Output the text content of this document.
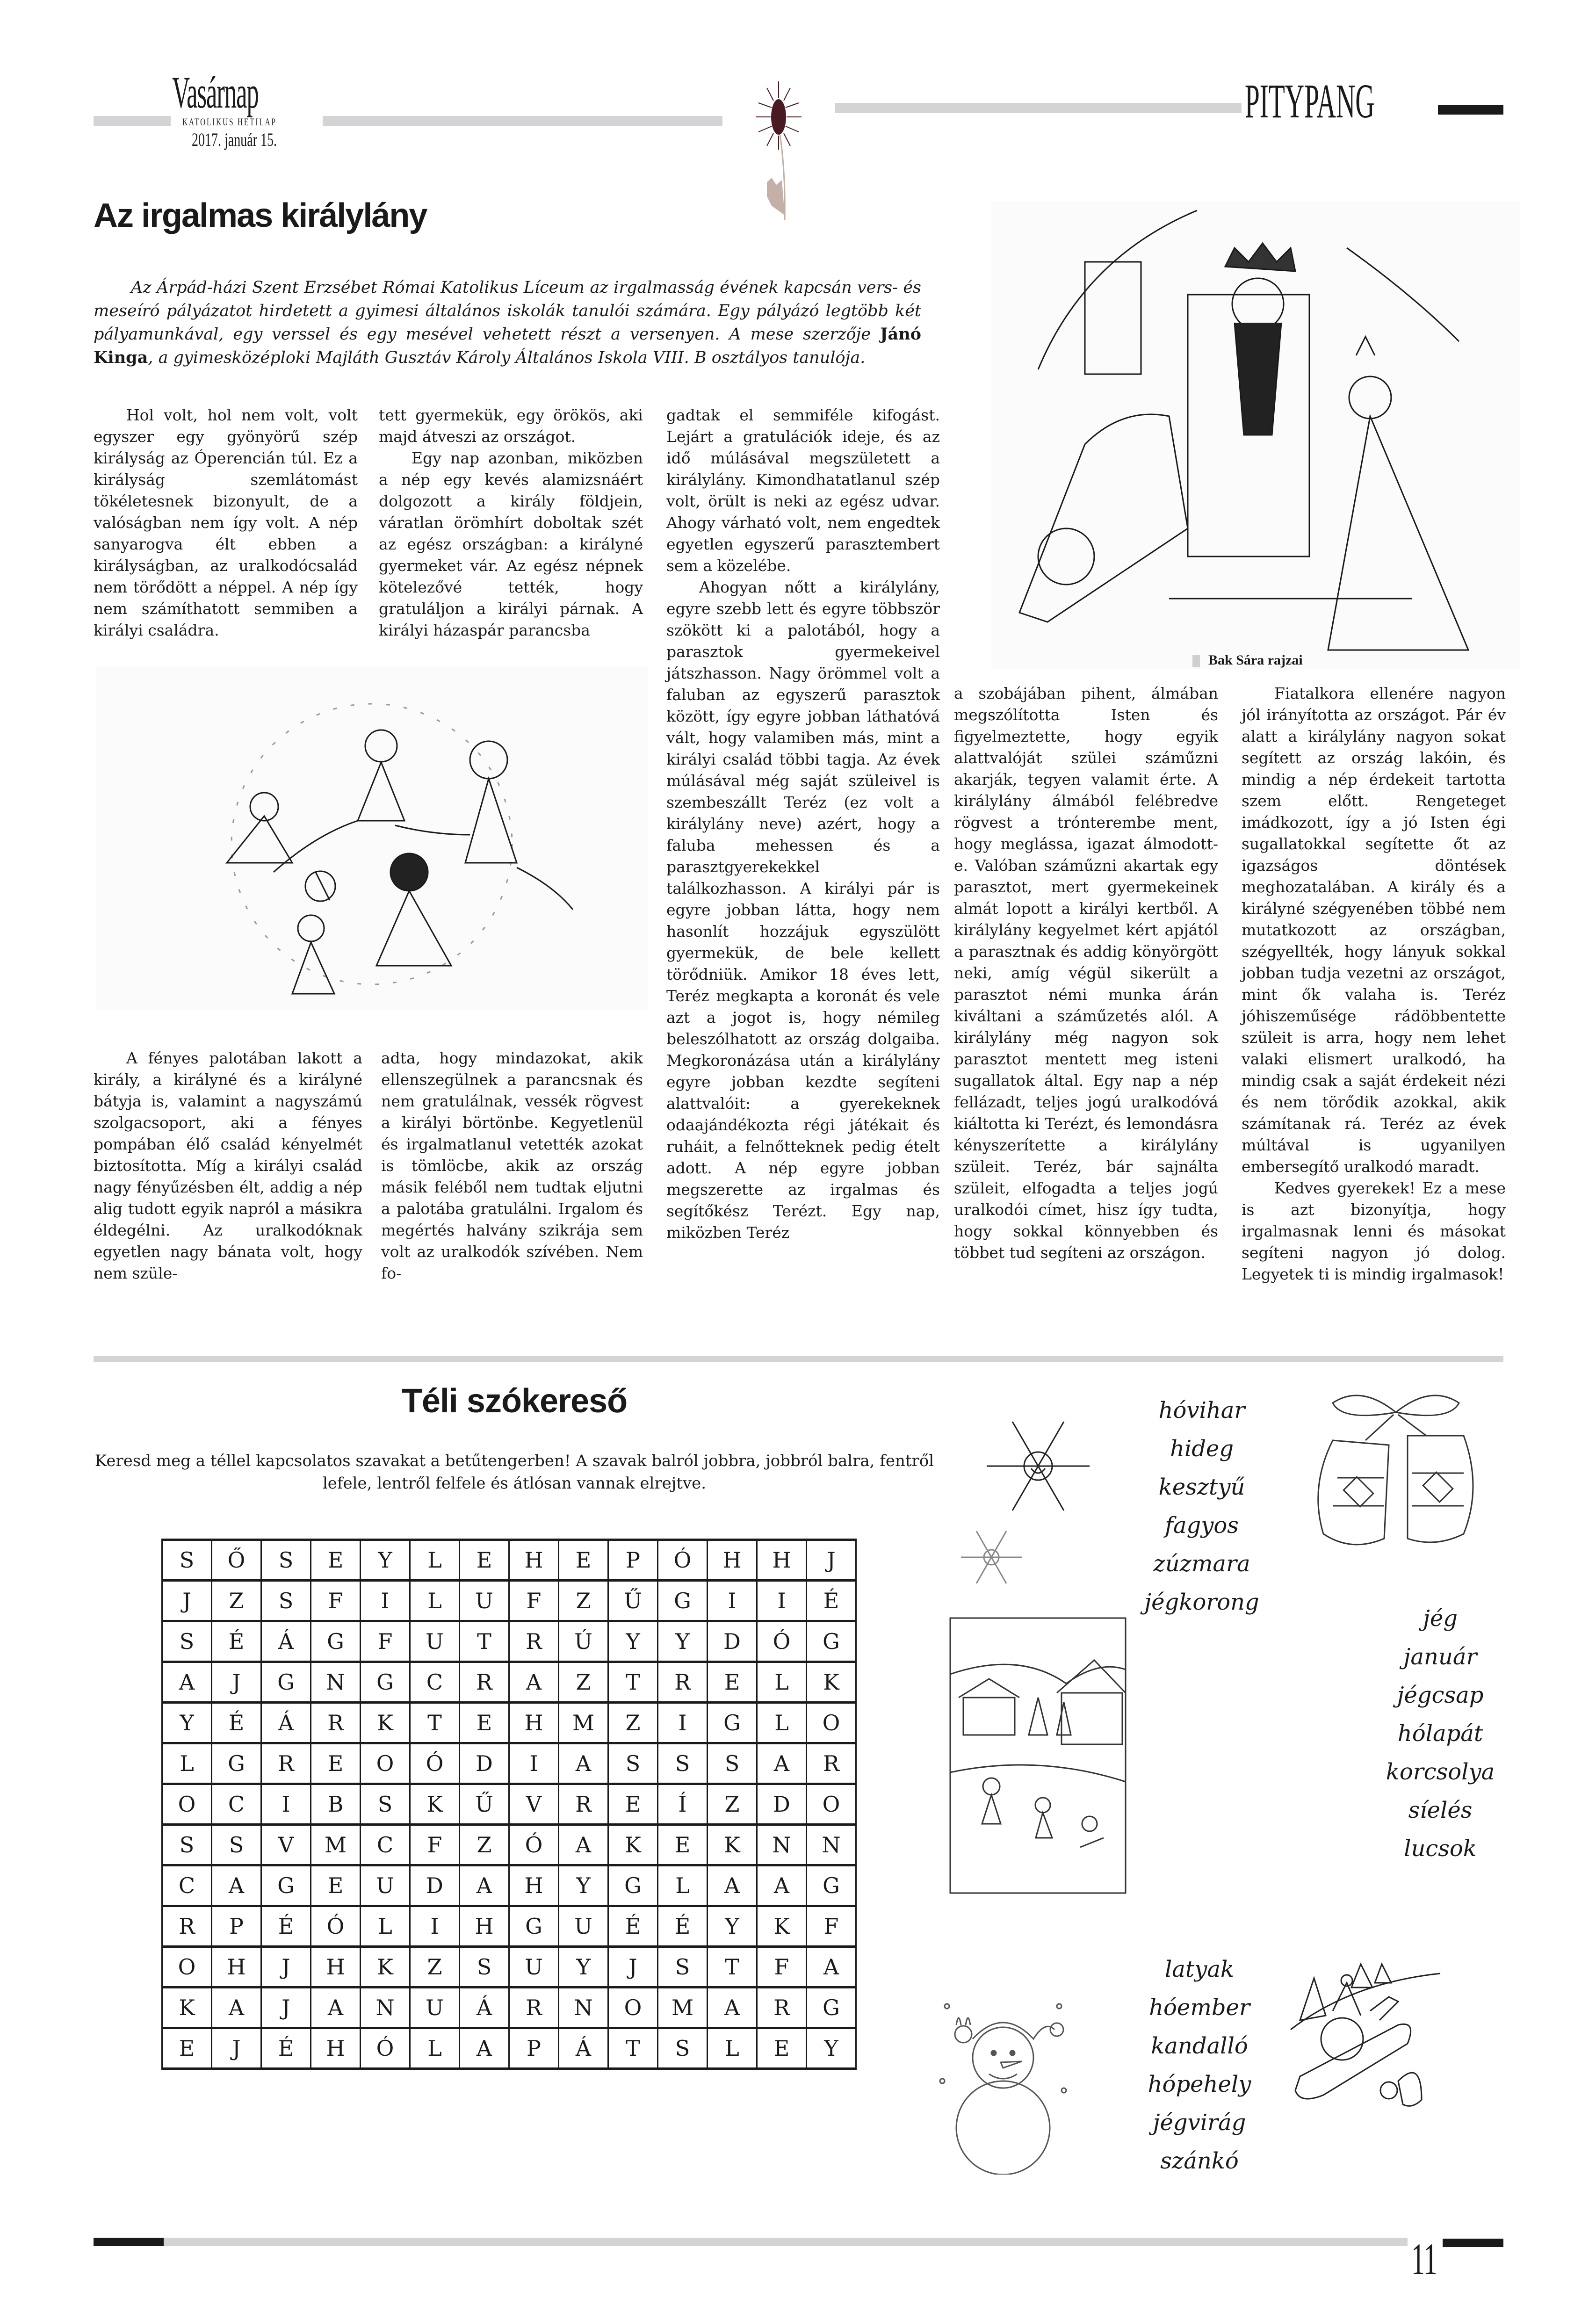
Vasárnap
KATOLIKUS HETILAP
2017. január 15.
PITYPANG
Az irgalmas királylány

Az Árpád-házi Szent Erzsébet Római Katolikus Líceum az irgalmasság évének kapcsán vers- és meseíró pályázatot hirdetett a gyimesi általános iskolák tanulói számára. Egy pályázó legtöbb két pályamunkával, egy verssel és egy mesével vehetett részt a versenyen. A mese szerzője Jánó Kinga, a gyimesközéploki Majláth Gusztáv Károly Általános Iskola VIII. B osztályos tanulója.

Hol volt, hol nem volt, volt egyszer egy gyönyörű szép királyság az Óperencián túl. Ez a királyság szemlátomást tökéletesnek bizonyult, de a valóságban nem így volt. A nép sanyarogva élt ebben a királyságban, az uralkodócsalád nem törődött a néppel. A nép így nem számíthatott semmiben a királyi családra.

tett gyermekük, egy örökös, aki majd átveszi az országot.

Egy nap azonban, miközben a nép egy kevés alamizsnáért dolgozott a király földjein, váratlan örömhírt doboltak szét az egész országban: a királyné gyermeket vár. Az egész népnek kötelezővé tették, hogy gratuláljon a királyi párnak. A királyi házaspár parancsba

gadtak el semmiféle kifogást. Lejárt a gratulációk ideje, és az idő múlásával megszületett a királylány. Kimondhatatlanul szép volt, örült is neki az egész udvar. Ahogy várható volt, nem engedtek egyetlen egyszerű parasztembert sem a közelébe.

Ahogyan nőtt a királylány, egyre szebb lett és egyre többször szökött ki a palotából, hogy a parasztok gyermekeivel játszhasson. Nagy örömmel volt a faluban az egyszerű parasztok között, így egyre jobban láthatóvá vált, hogy valamiben más, mint a királyi család többi tagja. Az évek múlásával még saját szüleivel is szembeszállt Teréz (ez volt a királylány neve) azért, hogy a faluba mehessen és a parasztgyerekekkel találkozhasson. A királyi pár is egyre jobban látta, hogy nem hasonlít hozzájuk egyszülött gyermekük, de bele kellett törődniük. Amikor 18 éves lett, Teréz megkapta a koronát és vele azt a jogot is, hogy némileg beleszólhatott az ország dolgaiba. Megkoronázása után a királylány egyre jobban kezdte segíteni alattvalóit: a gyerekeknek odaajándékozta régi játékait és ruháit, a felnőtteknek pedig ételt adott. A nép egyre jobban megszerette az irgalmas és segítőkész Terézt. Egy nap, miközben Teréz

A fényes palotában lakott a király, a királyné és a királyné bátyja is, valamint a nagyszámú szolgacsoport, aki a fényes pompában élő család kényelmét biztosította. Míg a királyi család nagy fényűzésben élt, addig a nép alig tudott egyik napról a másikra éldegélni. Az uralkodóknak egyetlen nagy bánata volt, hogy nem szüle-

adta, hogy mindazokat, akik ellenszegülnek a parancsnak és nem gratulálnak, vessék rögvest a királyi börtönbe. Kegyetlenül és irgalmatlanul vetették azokat is tömlöcbe, akik az ország másik feléből nem tudtak eljutni a palotába gratulálni. Irgalom és megértés halvány szikrája sem volt az uralkodók szívében. Nem fo-

Bak Sára rajzai

a szobájában pihent, álmában megszólította Isten és figyelmeztette, hogy egyik alattvalóját szülei száműzni akarják, tegyen valamit érte. A királylány álmából felébredve rögvest a trónterembe ment, hogy meglássa, igazat álmodott-e. Valóban száműzni akartak egy parasztot, mert gyermekeinek almát lopott a királyi kertből. A királylány kegyelmet kért apjától a parasztnak és addig könyörgött neki, amíg végül sikerült a parasztot némi munka árán kiváltani a száműzetés alól. A királylány még nagyon sok parasztot mentett meg isteni sugallatok által. Egy nap a nép fellázadt, teljes jogú uralkodóvá kiáltotta ki Terézt, és lemondásra kényszerítette a királylány szüleit. Teréz, bár sajnálta szüleit, elfogadta a teljes jogú uralkodói címet, hisz így tudta, hogy sokkal könnyebben és többet tud segíteni az országon.

Fiatalkora ellenére nagyon jól irányította az országot. Pár év alatt a királylány nagyon sokat segített az ország lakóin, és mindig a nép érdekeit tartotta szem előtt. Rengeteget imádkozott, így a jó Isten égi sugallatokkal segítette őt az igazságos döntések meghozatalában. A király és a királyné szégyenében többé nem mutatkozott az országban, szégyellték, hogy lányuk sokkal jobban tudja vezetni az országot, mint ők valaha is. Teréz jóhiszeműsége rádöbbentette szüleit is arra, hogy nem lehet valaki elismert uralkodó, ha mindig csak a saját érdekeit nézi és nem törődik azokkal, akik számítanak rá. Teréz az évek múltával is ugyanilyen embersegítő uralkodó maradt.

Kedves gyerekek! Ez a mese is azt bizonyítja, hogy irgalmasnak lenni és másokat segíteni nagyon jó dolog. Legyetek ti is mindig irgalmasok!

Téli szókereső
Keresd meg a téllel kapcsolatos szavakat a betűtengerben! A szavak balról jobbra, jobbról balra, fentről lefele, lentről felfele és átlósan vannak elrejtve.
S	Ő	S	E	Y	L	E	H	E	P	Ó	H	H	J
J	Z	S	F	I	L	U	F	Z	Ű	G	I	I	É
S	É	Á	G	F	U	T	R	Ú	Y	Y	D	Ó	G
A	J	G	N	G	C	R	A	Z	T	R	E	L	K
Y	É	Á	R	K	T	E	H	M	Z	I	G	L	O
L	G	R	E	O	Ó	D	I	A	S	S	S	A	R
O	C	I	B	S	K	Ű	V	R	E	Í	Z	D	O
S	S	V	M	C	F	Z	Ó	A	K	E	K	N	N
C	A	G	E	U	D	A	H	Y	G	L	A	A	G
R	P	É	Ó	L	I	H	G	U	É	É	Y	K	F
O	H	J	H	K	Z	S	U	Y	J	S	T	F	A
K	A	J	A	N	U	Á	R	N	O	M	A	R	G
E	J	É	H	Ó	L	A	P	Á	T	S	L	E	Y
hóvihar
hideg
kesztyű
fagyos
zúzmara
jégkorong
jég
január
jégcsap
hólapát
korcsolya
síelés
lucsok
latyak
hóember
kandalló
hópehely
jégvirág
szánkó
11
